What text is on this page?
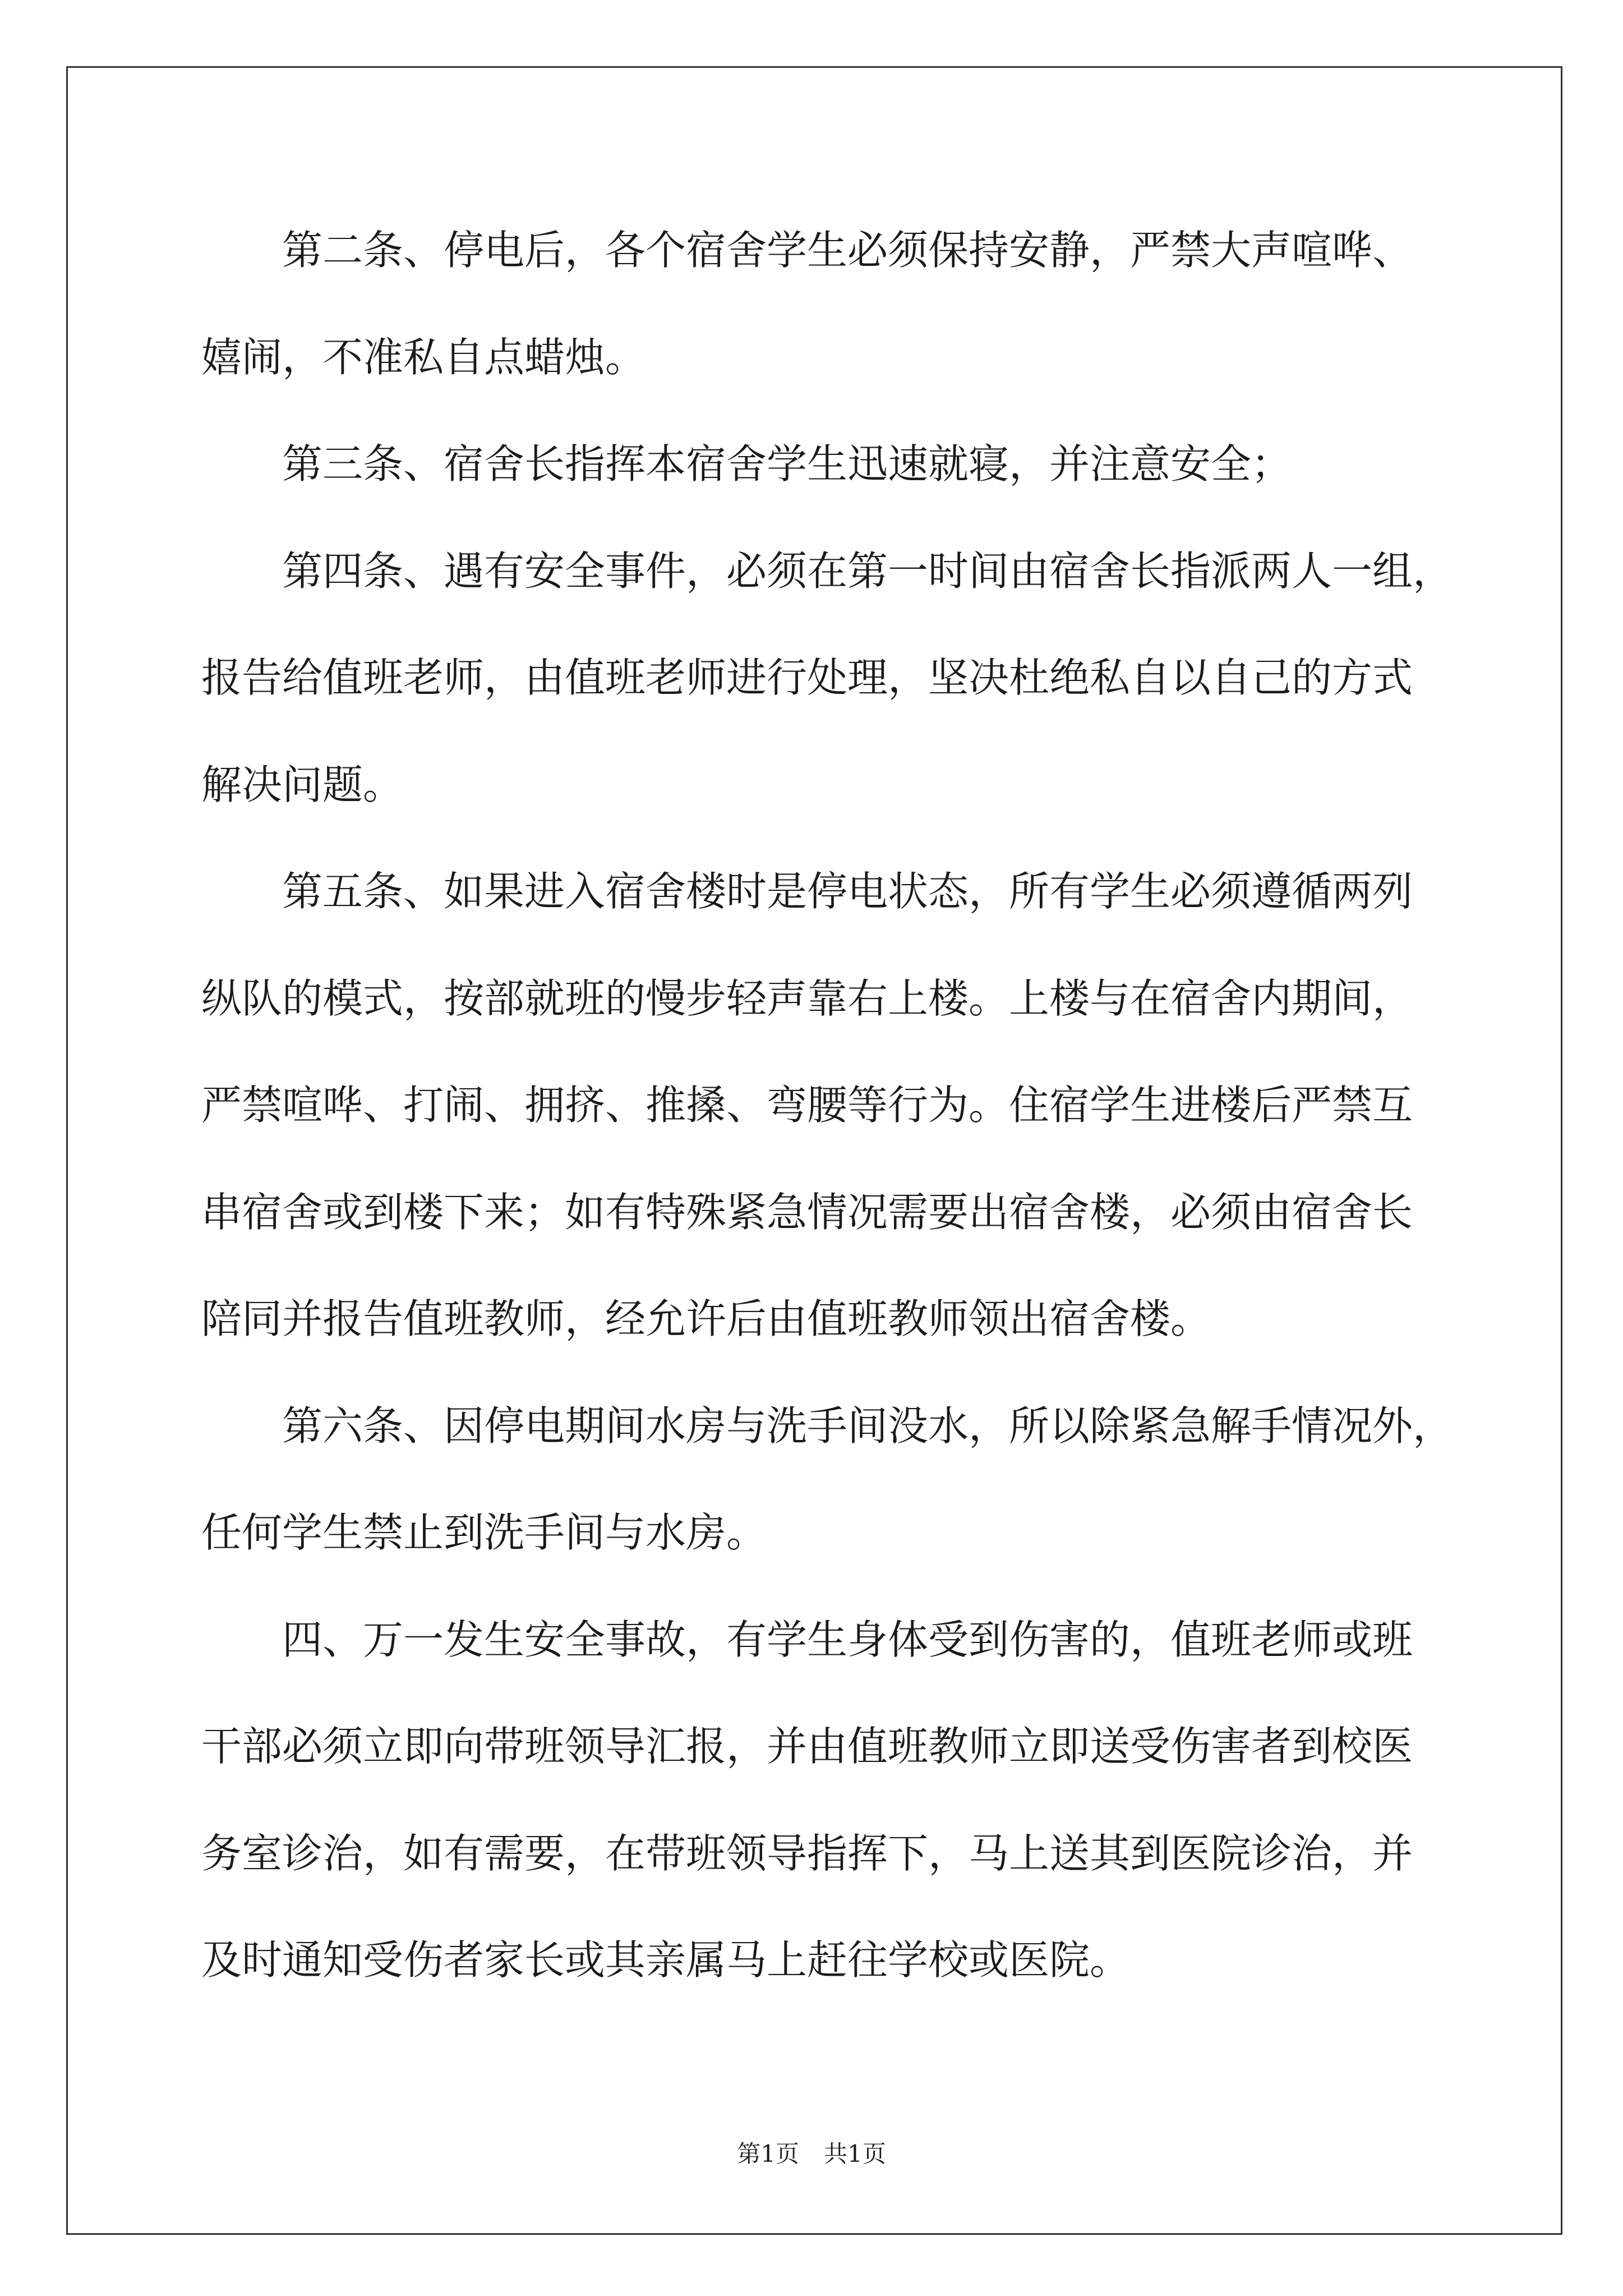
第二条、停电后，各个宿舍学生必须保持安静，严禁大声喧哗、
嬉闹，不准私自点蜡烛。
第三条、宿舍长指挥本宿舍学生迅速就寝，并注意安全；
第四条、遇有安全事件，必须在第一时间由宿舍长指派两人一组，
报告给值班老师，由值班老师进行处理，坚决杜绝私自以自己的方式
解决问题。
第五条、如果进入宿舍楼时是停电状态，所有学生必须遵循两列
纵队的模式，按部就班的慢步轻声靠右上楼。上楼与在宿舍内期间，
严禁喧哗、打闹、拥挤、推搡、弯腰等行为。住宿学生进楼后严禁互
串宿舍或到楼下来；如有特殊紧急情况需要出宿舍楼，必须由宿舍长
陪同并报告值班教师，经允许后由值班教师领出宿舍楼。
第六条、因停电期间水房与洗手间没水，所以除紧急解手情况外，
任何学生禁止到洗手间与水房。
四、万一发生安全事故，有学生身体受到伤害的，值班老师或班
干部必须立即向带班领导汇报，并由值班教师立即送受伤害者到校医
务室诊治，如有需要，在带班领导指挥下，马上送其到医院诊治，并
及时通知受伤者家长或其亲属马上赶往学校或医院。
第1页 共1页
